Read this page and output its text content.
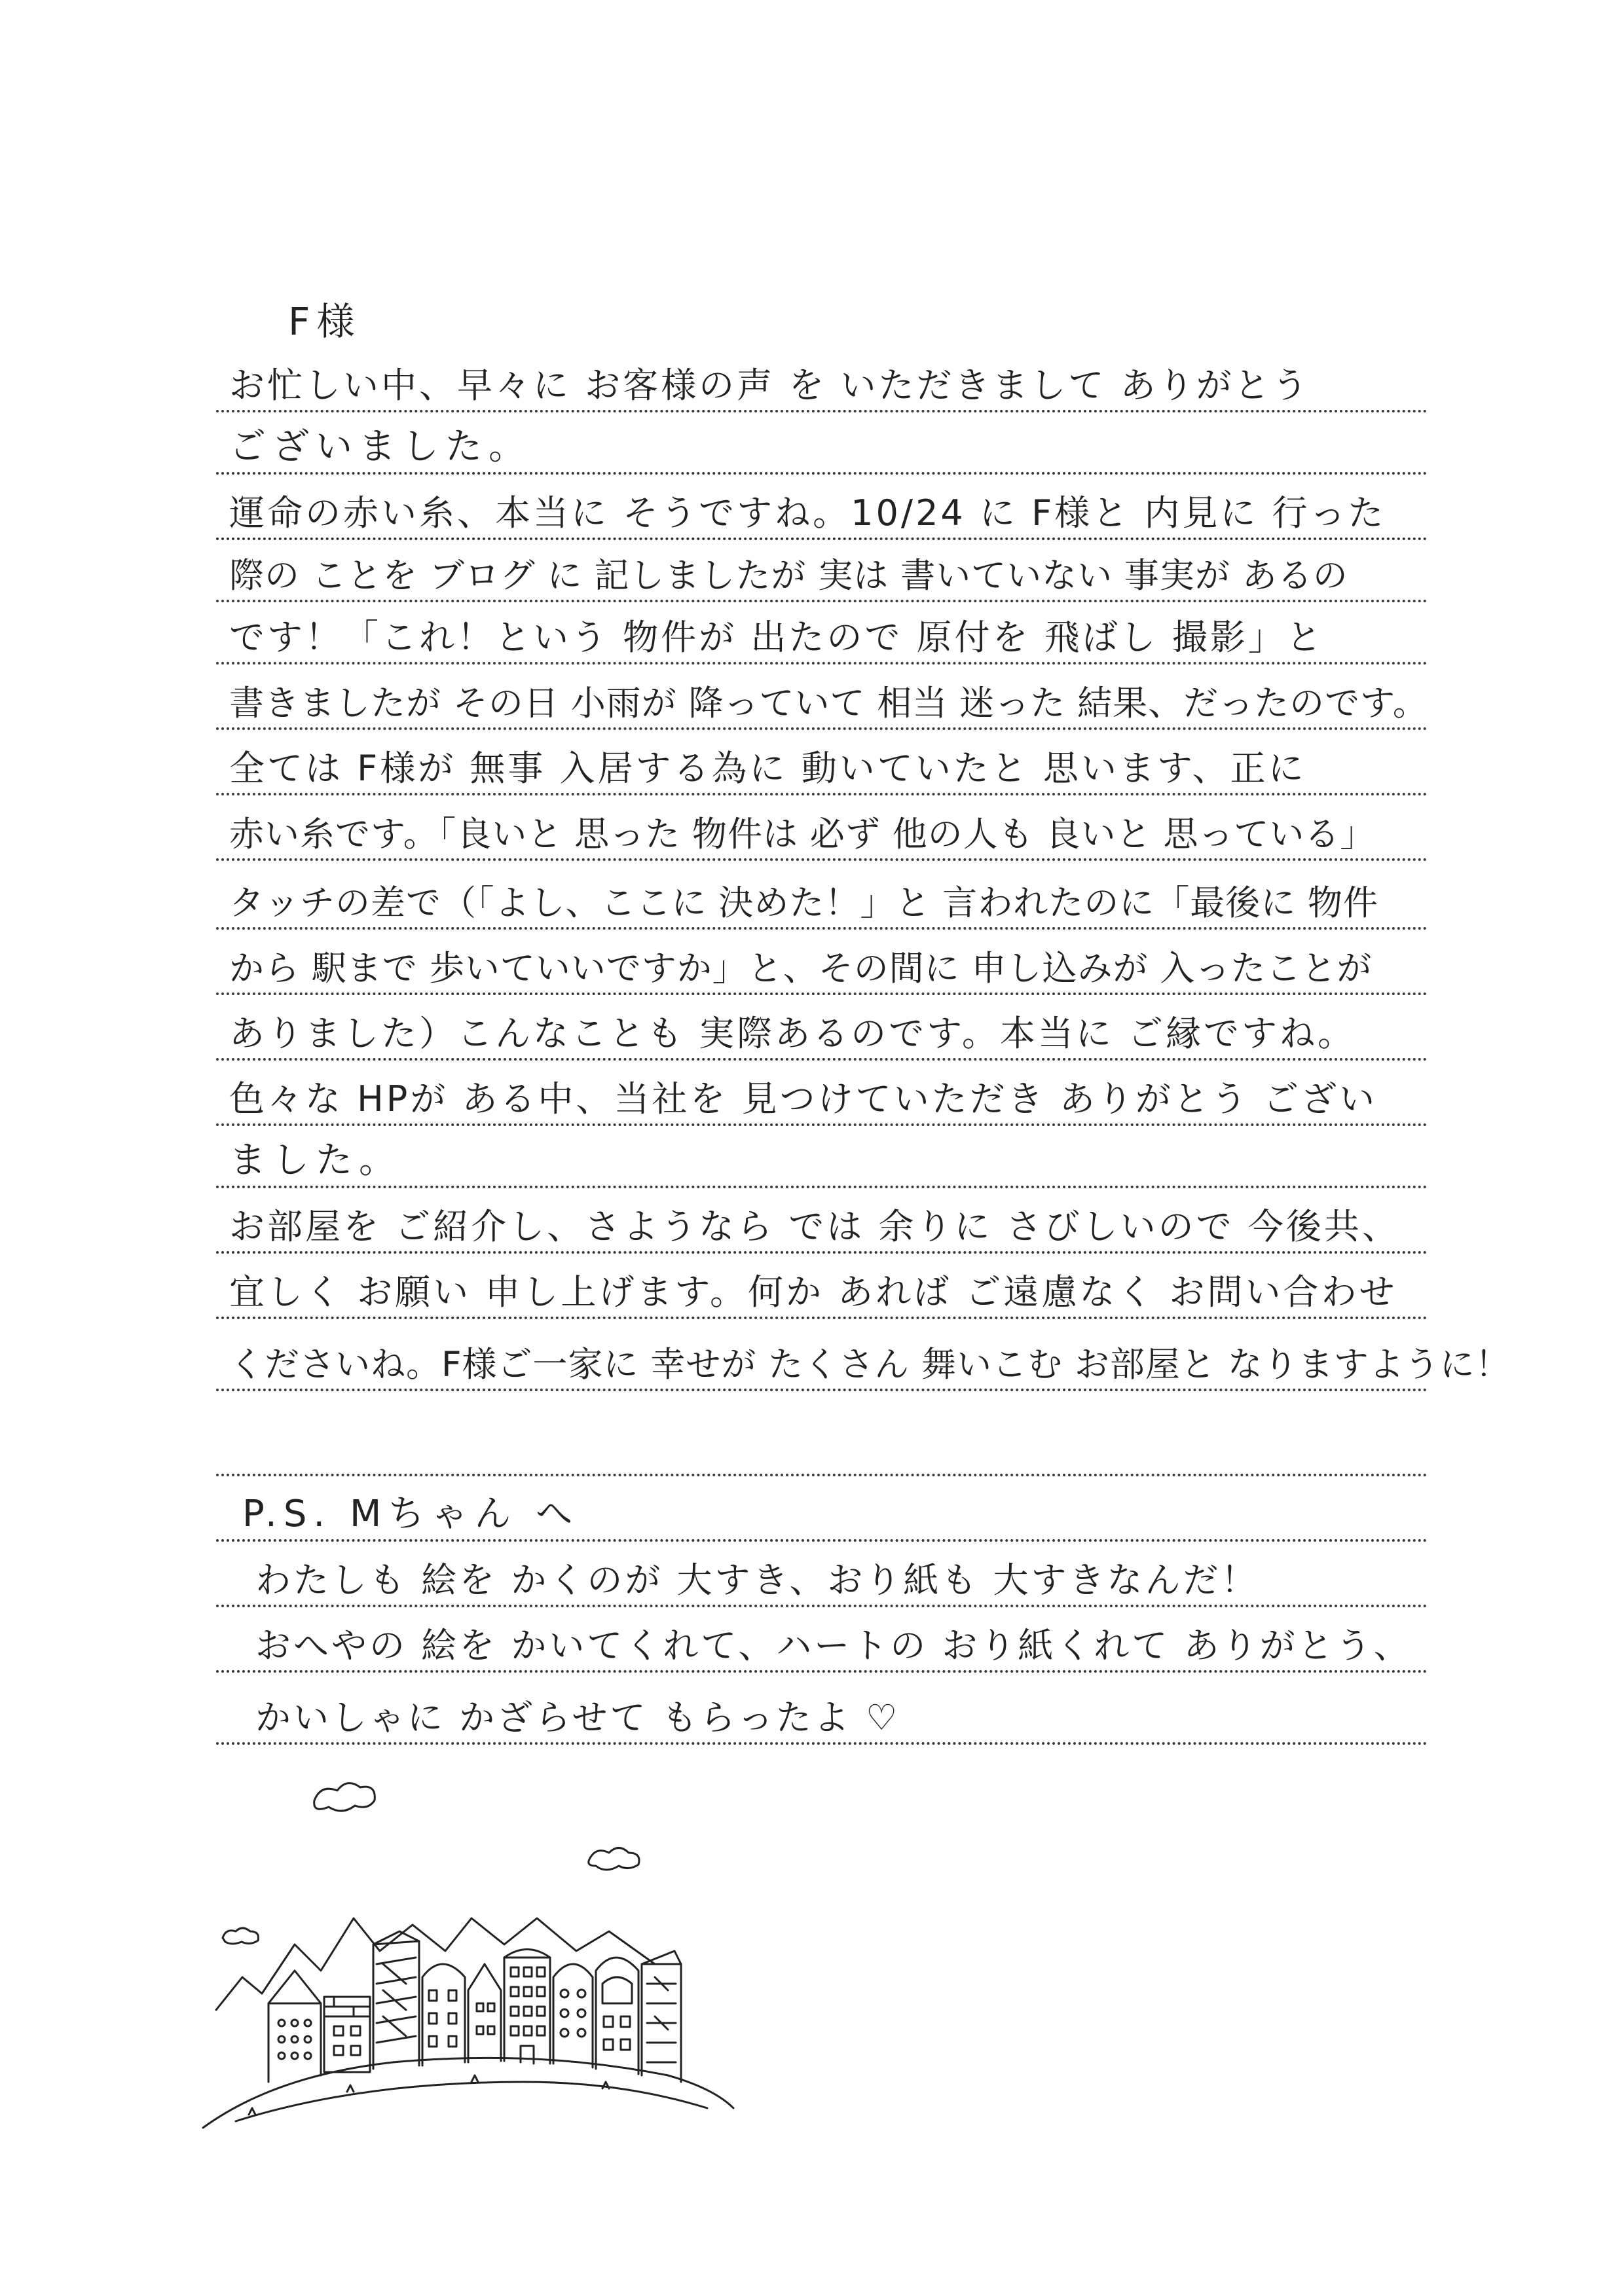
F様
お忙しい中、早々に お客様の声 を いただきまして ありがとう
ございました。
運命の赤い糸、本当に そうですね。10/24 に F様と 内見に 行った
際の ことを ブログ に 記しましたが 実は 書いていない 事実が あるの
です！「これ！という 物件が 出たので 原付を 飛ばし 撮影」と
書きましたが その日 小雨が 降っていて 相当 迷った 結果、だったのです。
全ては F様が 無事 入居する為に 動いていたと 思います、正に
赤い糸です。「良いと 思った 物件は 必ず 他の人も 良いと 思っている」
タッチの差で（「よし、ここに 決めた！」と 言われたのに「最後に 物件
から 駅まで 歩いていいですか」と、その間に 申し込みが 入ったことが
ありました）こんなことも 実際あるのです。本当に ご縁ですね。
色々な HPが ある中、当社を 見つけていただき ありがとう ござい
ました。
お部屋を ご紹介し、さようなら では 余りに さびしいので 今後共、
宜しく お願い 申し上げます。何か あれば ご遠慮なく お問い合わせ
くださいね。F様ご一家に 幸せが たくさん 舞いこむ お部屋と なりますように！
P.S. Mちゃん へ
わたしも 絵を かくのが 大すき、おり紙も 大すきなんだ！
おへやの 絵を かいてくれて、ハートの おり紙くれて ありがとう、
かいしゃに かざらせて もらったよ ♡
